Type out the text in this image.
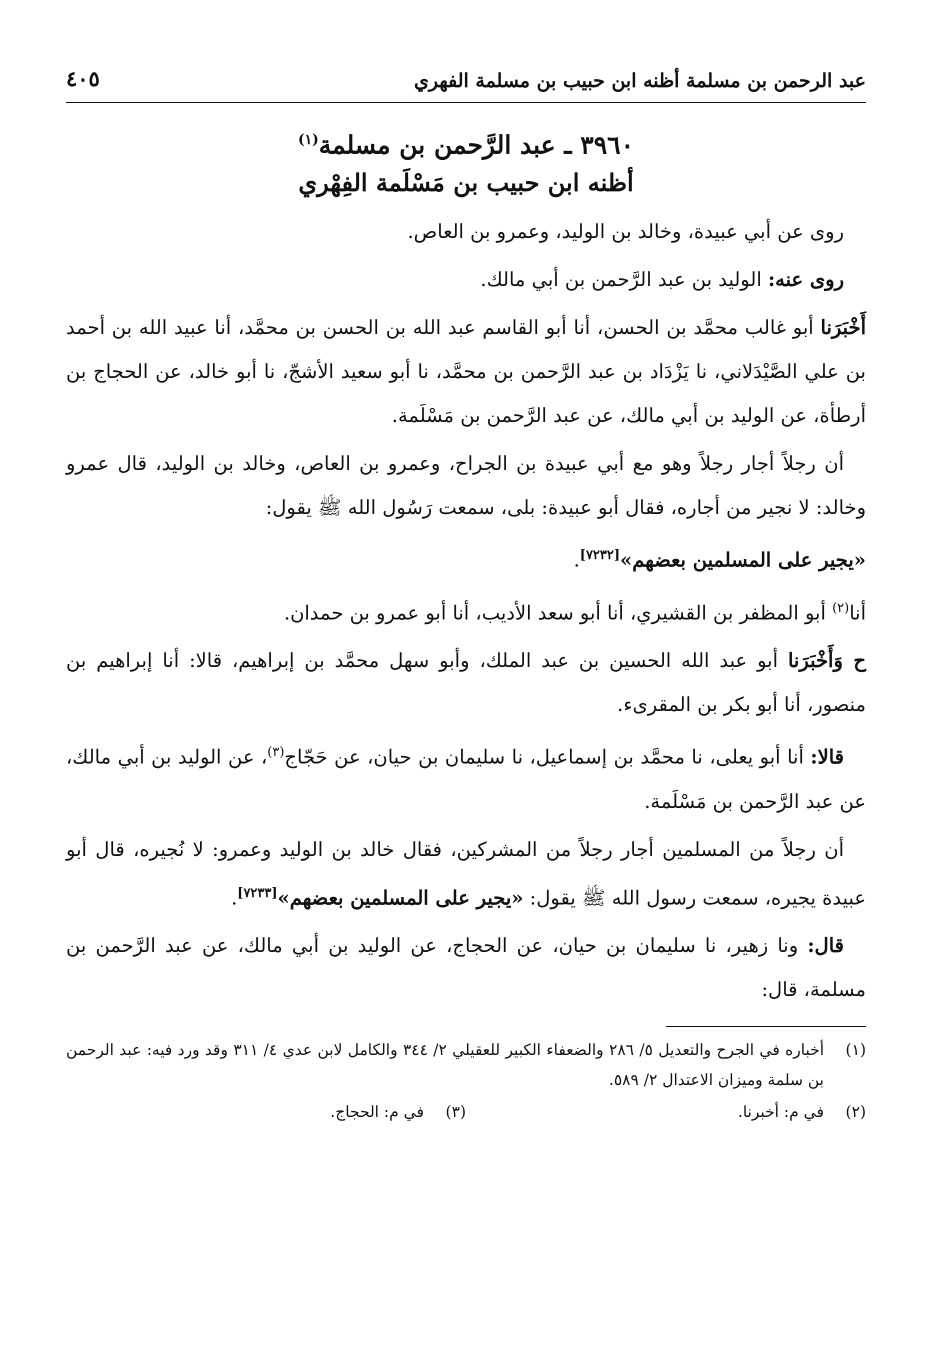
عبد الرحمن بن مسلمة أظنه ابن حبيب بن مسلمة الفهري
٤٠٥
٣٩٦٠ ـ عبد الرَّحمن بن مسلمة$^{(١)}$
أظنه ابن حبيب بن مَسْلَمة الفِهْري

روى عن أبي عبيدة، وخالد بن الوليد، وعمرو بن العاص.

روى عنه: الوليد بن عبد الرَّحمن بن أبي مالك.

أَخْبَرَنا أبو غالب محمَّد بن الحسن، أنا أبو القاسم عبد الله بن الحسن بن محمَّد، أنا عبيد الله بن أحمد بن علي الصَّيْدَلاني، نا يَزْدَاد بن عبد الرَّحمن بن محمَّد، نا أبو سعيد الأشجّ، نا أبو خالد، عن الحجاج بن أرطأة، عن الوليد بن أبي مالك، عن عبد الرَّحمن بن مَسْلَمة.

أن رجلاً أجار رجلاً وهو مع أبي عبيدة بن الجراح، وعمرو بن العاص، وخالد بن الوليد، قال عمرو وخالد: لا نجير من أجاره، فقال أبو عبيدة: بلى، سمعت رَسُول الله ﷺ يقول:

«يجير على المسلمين بعضهم»[٧٢٣٢].

أنا$^{(٢)}$ أبو المظفر بن القشيري، أنا أبو سعد الأديب، أنا أبو عمرو بن حمدان.

ح وَأَخْبَرَنا أبو عبد الله الحسين بن عبد الملك، وأبو سهل محمَّد بن إبراهيم، قالا: أنا إبراهيم بن منصور، أنا أبو بكر بن المقرىء.

قالا: أنا أبو يعلى، نا محمَّد بن إسماعيل، نا سليمان بن حيان، عن حَجّاج$^{(٣)}$، عن الوليد بن أبي مالك، عن عبد الرَّحمن بن مَسْلَمة.

أن رجلاً من المسلمين أجار رجلاً من المشركين، فقال خالد بن الوليد وعمرو: لا نُجيره، قال أبو عبيدة يجيره، سمعت رسول الله ﷺ يقول: «يجير على المسلمين بعضهم»[٧٢٣٣].

قال: ونا زهير، نا سليمان بن حيان، عن الحجاج، عن الوليد بن أبي مالك، عن عبد الرَّحمن بن مسلمة، قال:

(١)
أخباره في الجرح والتعديل ٥/ ٢٨٦ والضعفاء الكبير للعقيلي ٢/ ٣٤٤ والكامل لابن عدي ٤/ ٣١١ وقد ورد فيه: عبد الرحمن بن سلمة وميزان الاعتدال ٢/ ٥٨٩.
(٢)
في م: أخبرنا.
(٣)
في م: الحجاج.
